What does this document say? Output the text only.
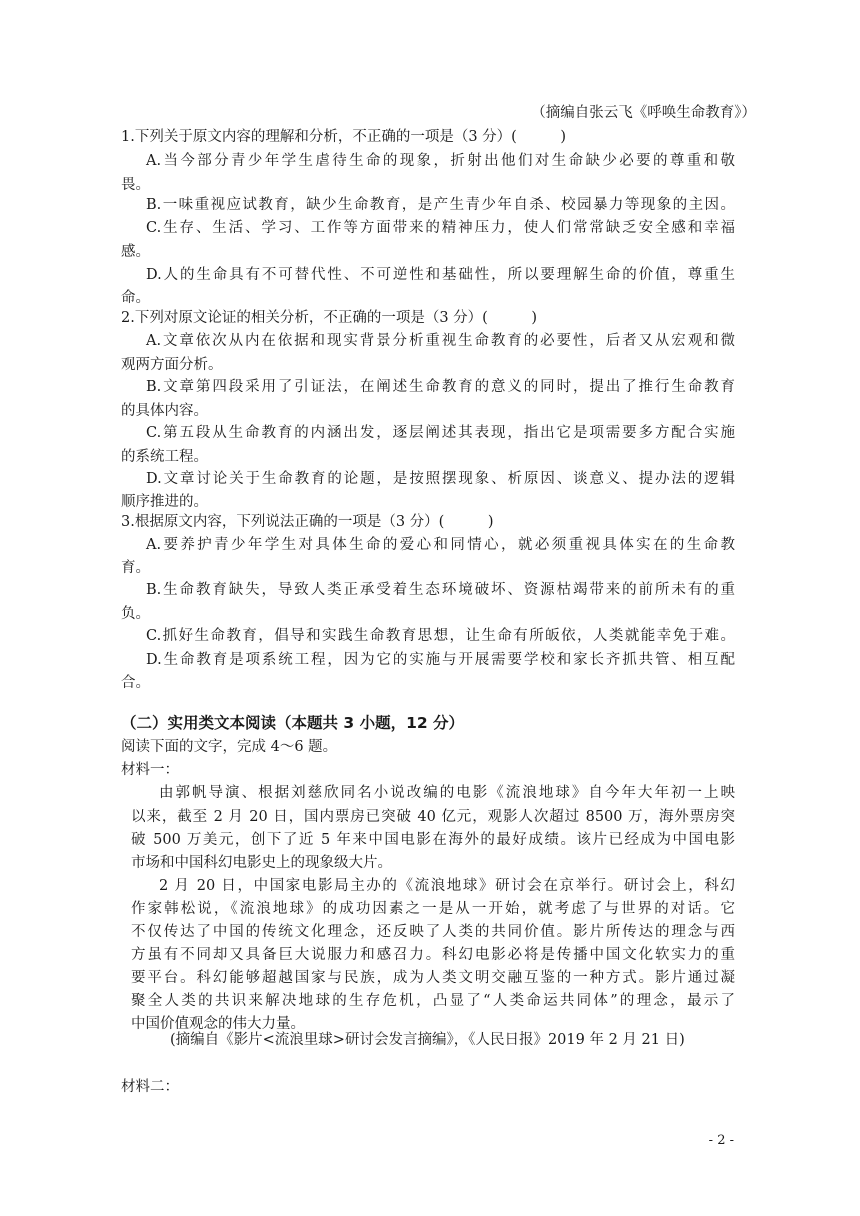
（摘编自张云飞《呼唤生命教育》）
1.下列关于原文内容的理解和分析，不正确的一项是（3 分）(　　　)
A.当今部分青少年学生虐待生命的现象，折射出他们对生命缺少必要的尊重和敬
畏。
B.一味重视应试教育，缺少生命教育，是产生青少年自杀、校园暴力等现象的主因。
C.生存、生活、学习、工作等方面带来的精神压力，使人们常常缺乏安全感和幸福
感。
D.人的生命具有不可替代性、不可逆性和基础性，所以要理解生命的价值，尊重生
命。
2.下列对原文论证的相关分析，不正确的一项是（3 分）(　　　)
A.文章依次从内在依据和现实背景分析重视生命教育的必要性，后者又从宏观和微
观两方面分析。
B.文章第四段采用了引证法，在阐述生命教育的意义的同时，提出了推行生命教育
的具体内容。
C.第五段从生命教育的内涵出发，逐层阐述其表现，指出它是项需要多方配合实施
的系统工程。
D.文章讨论关于生命教育的论题，是按照摆现象、析原因、谈意义、提办法的逻辑
顺序推进的。
3.根据原文内容，下列说法正确的一项是（3 分）(　　　)
A.要养护青少年学生对具体生命的爱心和同情心，就必须重视具体实在的生命教
育。
B.生命教育缺失，导致人类正承受着生态环境破坏、资源枯竭带来的前所未有的重
负。
C.抓好生命教育，倡导和实践生命教育思想，让生命有所皈依，人类就能幸免于难。
D.生命教育是项系统工程，因为它的实施与开展需要学校和家长齐抓共管、相互配
合。
（二）实用类文本阅读（本题共 3 小题，12 分）
阅读下面的文字，完成 4～6 题。
材料一：
由郭帆导演、根据刘慈欣同名小说改编的电影《流浪地球》自今年大年初一上映
以来，截至 2 月 20 日，国内票房已突破 40 亿元，观影人次超过 8500 万，海外票房突
破 500 万美元，创下了近 5 年来中国电影在海外的最好成绩。该片已经成为中国电影
市场和中国科幻电影史上的现象级大片。
2 月 20 日，中国家电影局主办的《流浪地球》研讨会在京举行。研讨会上，科幻
作家韩松说，《流浪地球》的成功因素之一是从一开始，就考虑了与世界的对话。它
不仅传达了中国的传统文化理念，还反映了人类的共同价值。影片所传达的理念与西
方虽有不同却又具备巨大说服力和感召力。科幻电影必将是传播中国文化软实力的重
要平台。科幻能够超越国家与民族，成为人类文明交融互鉴的一种方式。影片通过凝
聚全人类的共识来解决地球的生存危机，凸显了“人类命运共同体”的理念，最示了
中国价值观念的伟大力量。
(摘编自《影片<流浪里球>研讨会发言摘编》，《人民日报》2019 年 2 月 21 日)
材料二：
- 2 -
